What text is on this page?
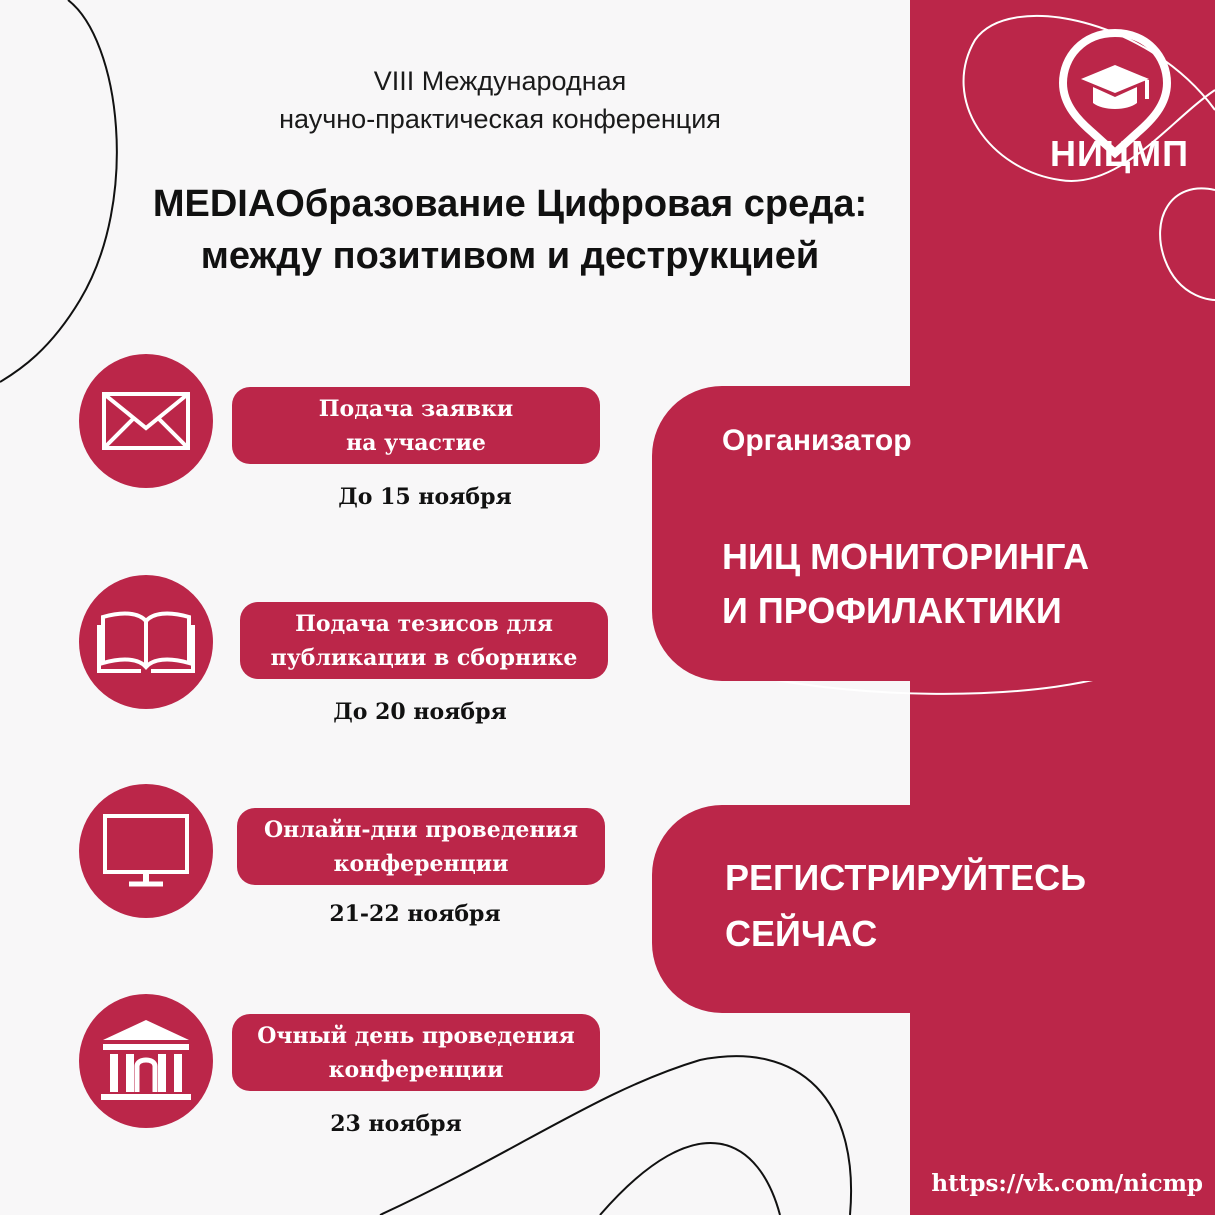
VIII Международная
научно-практическая конференция
MEDIAОбразование Цифровая среда:
между позитивом и деструкцией
Подача заявки
на участие
До 15 ноября
Подача тезисов для
публикации в сборнике
До 20 ноября
Онлайн-дни проведения
конференции
21-22 ноября
Очный день проведения
конференции
23 ноября
Организатор
НИЦ МОНИТОРИНГА
И ПРОФИЛАКТИКИ
РЕГИСТРИРУЙТЕСЬ
СЕЙЧАС
НИЦМП
https://vk.com/nicmp
